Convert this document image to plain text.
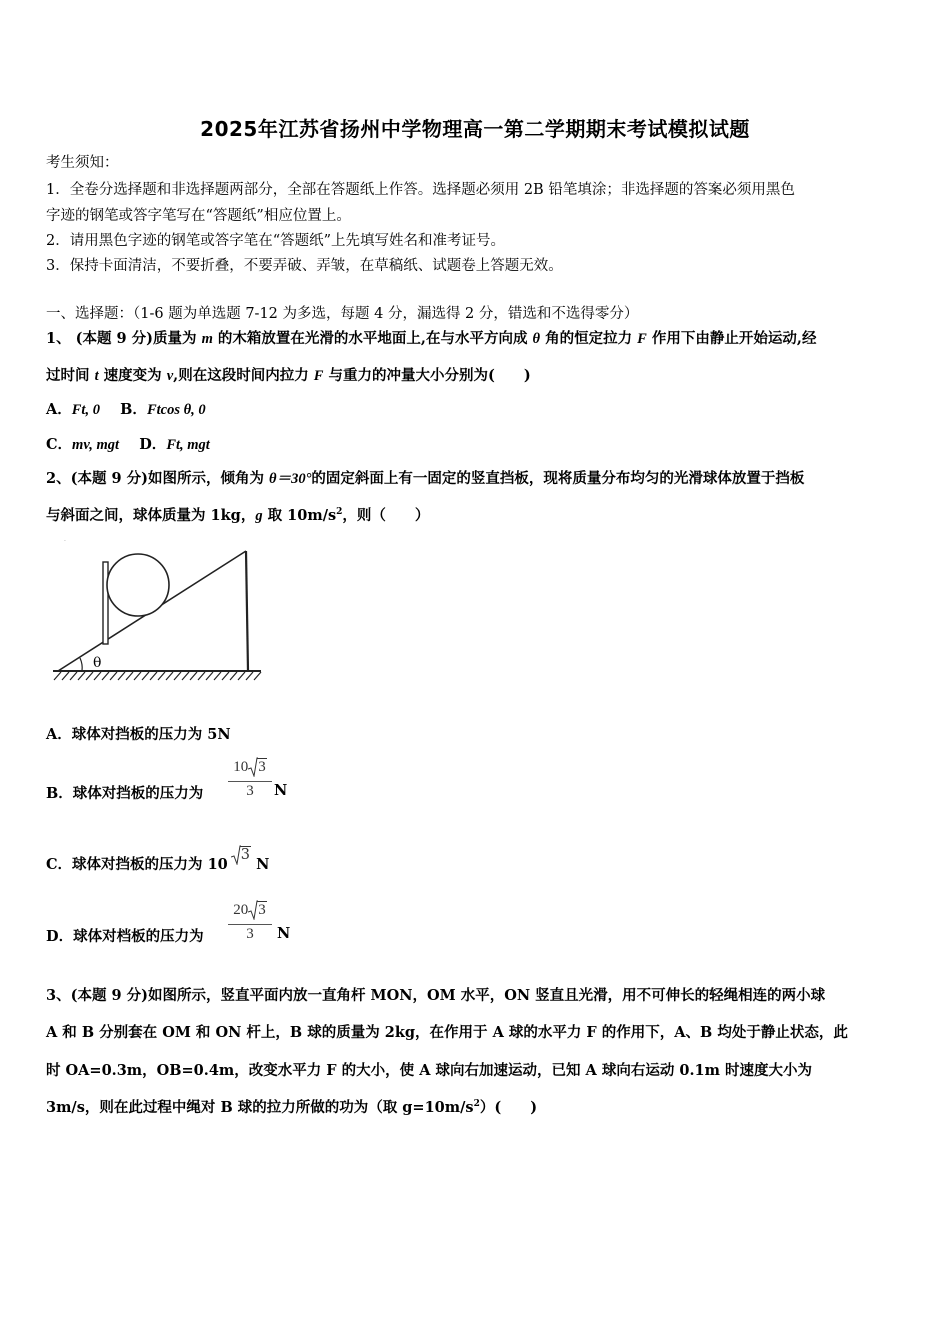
2025年江苏省扬州中学物理高一第二学期期末考试模拟试题
考生须知：
1．全卷分选择题和非选择题两部分，全部在答题纸上作答。选择题必须用 2B 铅笔填涂；非选择题的答案必须用黑色
字迹的钢笔或答字笔写在“答题纸”相应位置上。
2．请用黑色字迹的钢笔或答字笔在“答题纸”上先填写姓名和准考证号。
3．保持卡面清洁，不要折叠，不要弄破、弄皱，在草稿纸、试题卷上答题无效。
一、选择题：（1-6 题为单选题 7-12 为多选，每题 4 分，漏选得 2 分，错选和不选得零分）
1、 (本题 9 分)质量为 m 的木箱放置在光滑的水平地面上,在与水平方向成 θ 角的恒定拉力 F 作用下由静止开始运动,经
过时间 t 速度变为 v,则在这段时间内拉力 F 与重力的冲量大小分别为(　　)
A．Ft, 0 B．Ftcos θ, 0
C．mv, mgt D．Ft, mgt
2、(本题 9 分)如图所示，倾角为 θ＝30°的固定斜面上有一固定的竖直挡板，现将质量分布均匀的光滑球体放置于挡板
与斜面之间，球体质量为 1kg，g 取 $10m/s^2$，则（　　）
θ
·
A．球体对挡板的压力为 5N
B．球体对挡板的压力为
10 3
3	N
C．球体对挡板的压力为 10
3 N
D．球体对档板的压力为
20 3
3	N
3、(本题 9 分)如图所示，竖直平面内放一直角杆 MON，OM 水平，ON 竖直且光滑，用不可伸长的轻绳相连的两小球
A 和 B 分别套在 OM 和 ON 杆上，B 球的质量为 2kg，在作用于 A 球的水平力 F 的作用下，A、B 均处于静止状态，此
时 OA=0.3m，OB=0.4m，改变水平力 F 的大小，使 A 球向右加速运动，已知 A 球向右运动 0.1m 时速度大小为
3m/s，则在此过程中绳对 B 球的拉力所做的功为（取 $g=10m/s^2$）(　　)
